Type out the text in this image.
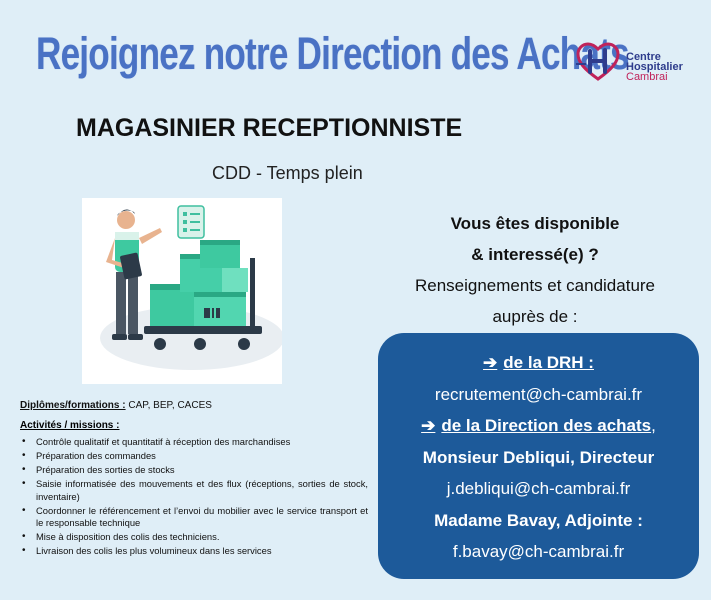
Rejoignez notre Direction des Achats
Centre
Hospitalier
Cambrai
MAGASINIER RECEPTIONNISTE
CDD - Temps plein
Vous êtes disponible
& interessé(e) ?
Renseignements et candidature
auprès de :
Diplômes/formations : CAP, BEP, CACES
Activités / missions :
• Contrôle qualitatif et quantitatif à réception des marchandises
• Préparation des commandes
• Préparation des sorties de stocks
• Saisie informatisée des mouvements et des flux (réceptions, sorties de stock, inventaire)
• Coordonner le référencement et l’envoi du mobilier avec le service transport et le responsable technique
• Mise à disposition des colis des techniciens.
• Livraison des colis les plus volumineux dans les services
➔ de la DRH :
recrutement@ch-cambrai.fr
➔ de la Direction des achats,
Monsieur Debliqui, Directeur
j.debliqui@ch-cambrai.fr
Madame Bavay, Adjointe :
f.bavay@ch-cambrai.fr
